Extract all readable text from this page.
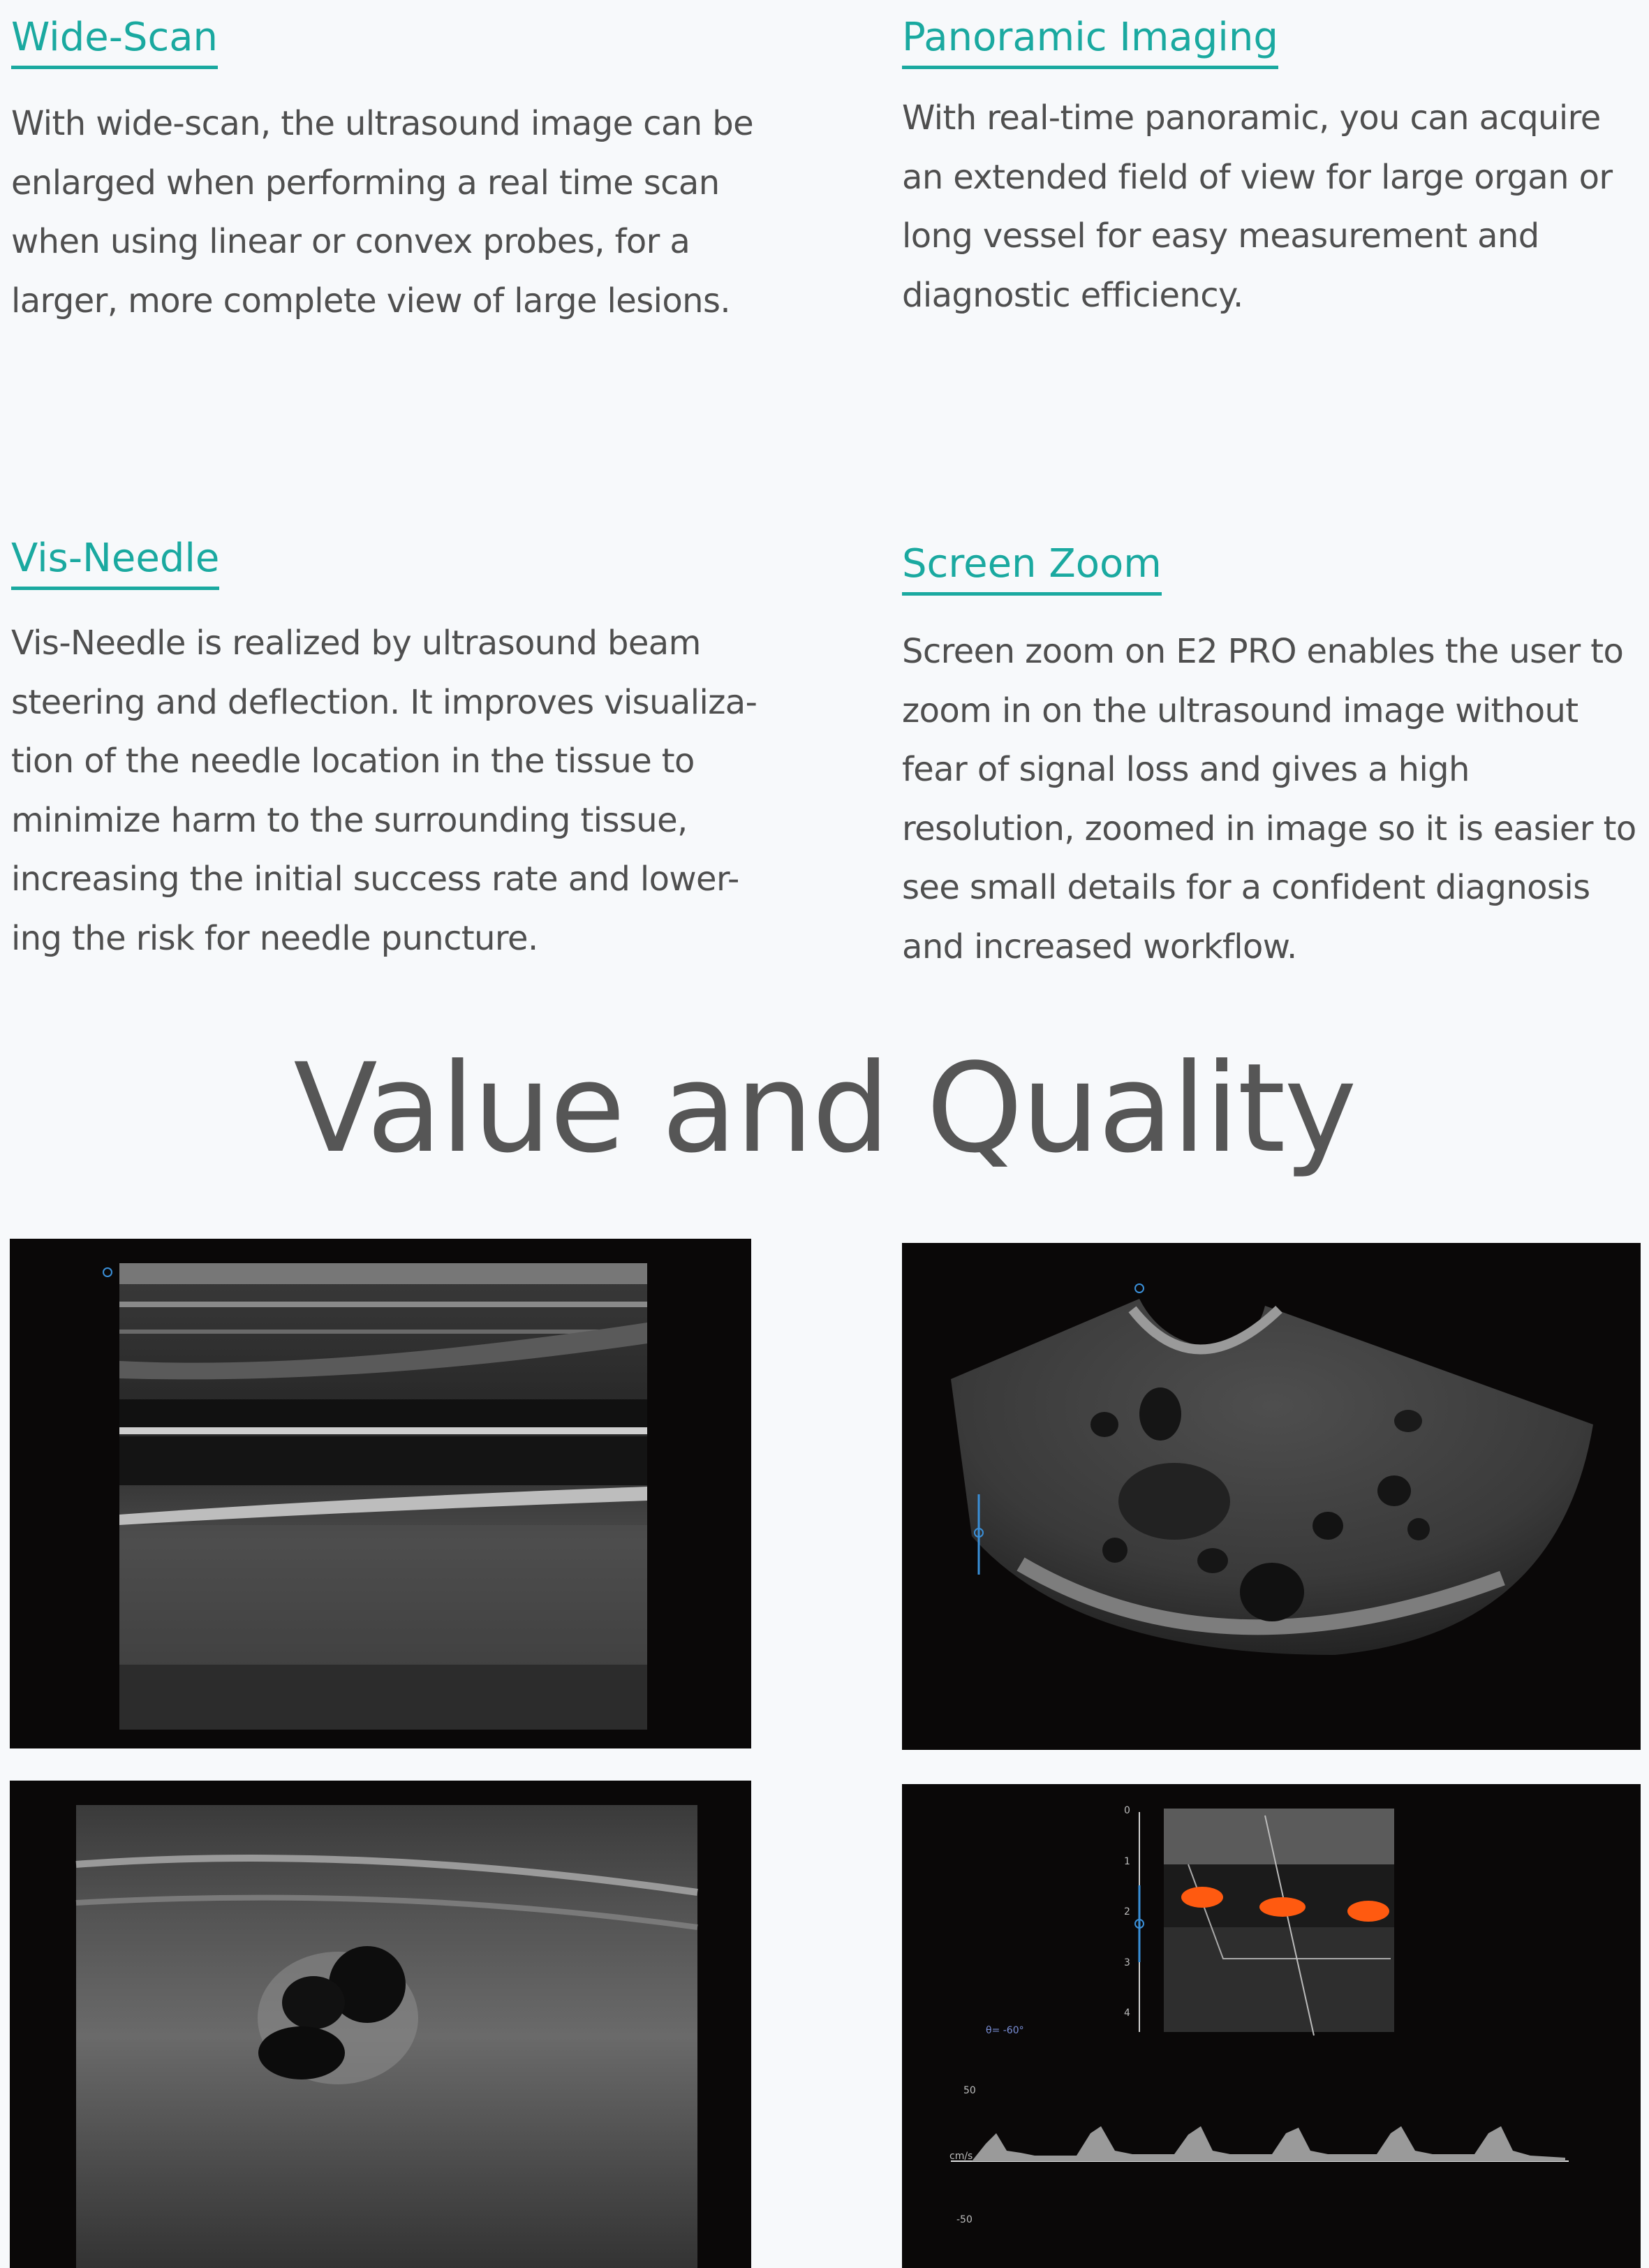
Wide-Scan

With wide-scan, the ultrasound image can be enlarged when performing a real time scan when using linear or convex probes, for a larger, more complete view of large lesions.

Panoramic Imaging

With real-time panoramic, you can acquire an extended field of view for large organ or long vessel for easy measurement and diagnostic efficiency.

Vis-Needle

Vis-Needle is realized by ultrasound beam steering and deflection. It improves visualiza-tion of the needle location in the tissue to minimize harm to the surrounding tissue, increasing the initial success rate and lower-ing the risk for needle puncture.

Screen Zoom

Screen zoom on E2 PRO enables the user to zoom in on the ultrasound image without fear of signal loss and gives a high resolution, zoomed in image so it is easier to see small details for a confident diagnosis and increased workflow.

Value and Quality
0
1
2
3
4
θ= -60°
50
cm/s
-50
